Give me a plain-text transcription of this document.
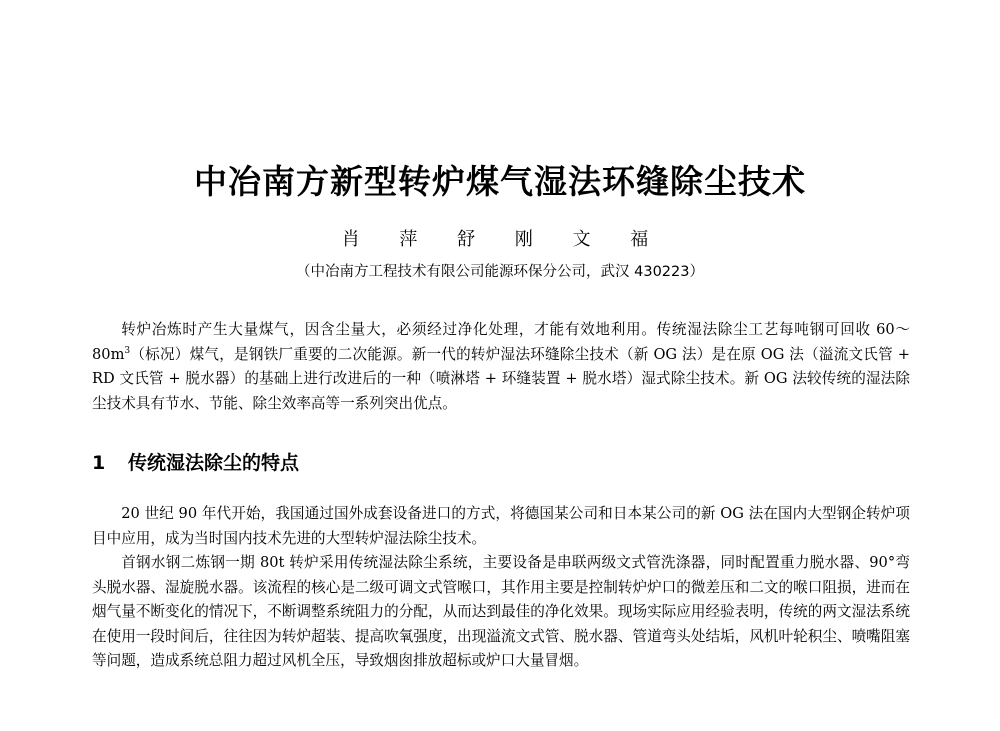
中冶南方新型转炉煤气湿法环缝除尘技术
肖 萍 舒 刚 文 福
（中冶南方工程技术有限公司能源环保分公司，武汉 430223）

转炉冶炼时产生大量煤气，因含尘量大，必须经过净化处理，才能有效地利用。传统湿法除尘工艺每吨钢可回收 $60\sim 80m^3$（标况）煤气，是钢铁厂重要的二次能源。新一代的转炉湿法环缝除尘技术（新 OG 法）是在原 OG 法（溢流文氏管 + RD 文氏管 + 脱水器）的基础上进行改进后的一种（喷淋塔 + 环缝装置 + 脱水塔）湿式除尘技术。新 OG 法较传统的湿法除尘技术具有节水、节能、除尘效率高等一系列突出优点。

1 传统湿法除尘的特点

20 世纪 90 年代开始，我国通过国外成套设备进口的方式，将德国某公司和日本某公司的新 OG 法在国内大型钢企转炉项目中应用，成为当时国内技术先进的大型转炉湿法除尘技术。

首钢水钢二炼钢一期 80t 转炉采用传统湿法除尘系统，主要设备是串联两级文式管洗涤器，同时配置重力脱水器、90°弯头脱水器、湿旋脱水器。该流程的核心是二级可调文式管喉口，其作用主要是控制转炉炉口的微差压和二文的喉口阻损，进而在烟气量不断变化的情况下，不断调整系统阻力的分配，从而达到最佳的净化效果。现场实际应用经验表明，传统的两文湿法系统在使用一段时间后，往往因为转炉超装、提高吹氧强度，出现溢流文式管、脱水器、管道弯头处结垢，风机叶轮积尘、喷嘴阻塞等问题，造成系统总阻力超过风机全压，导致烟囱排放超标或炉口大量冒烟。
